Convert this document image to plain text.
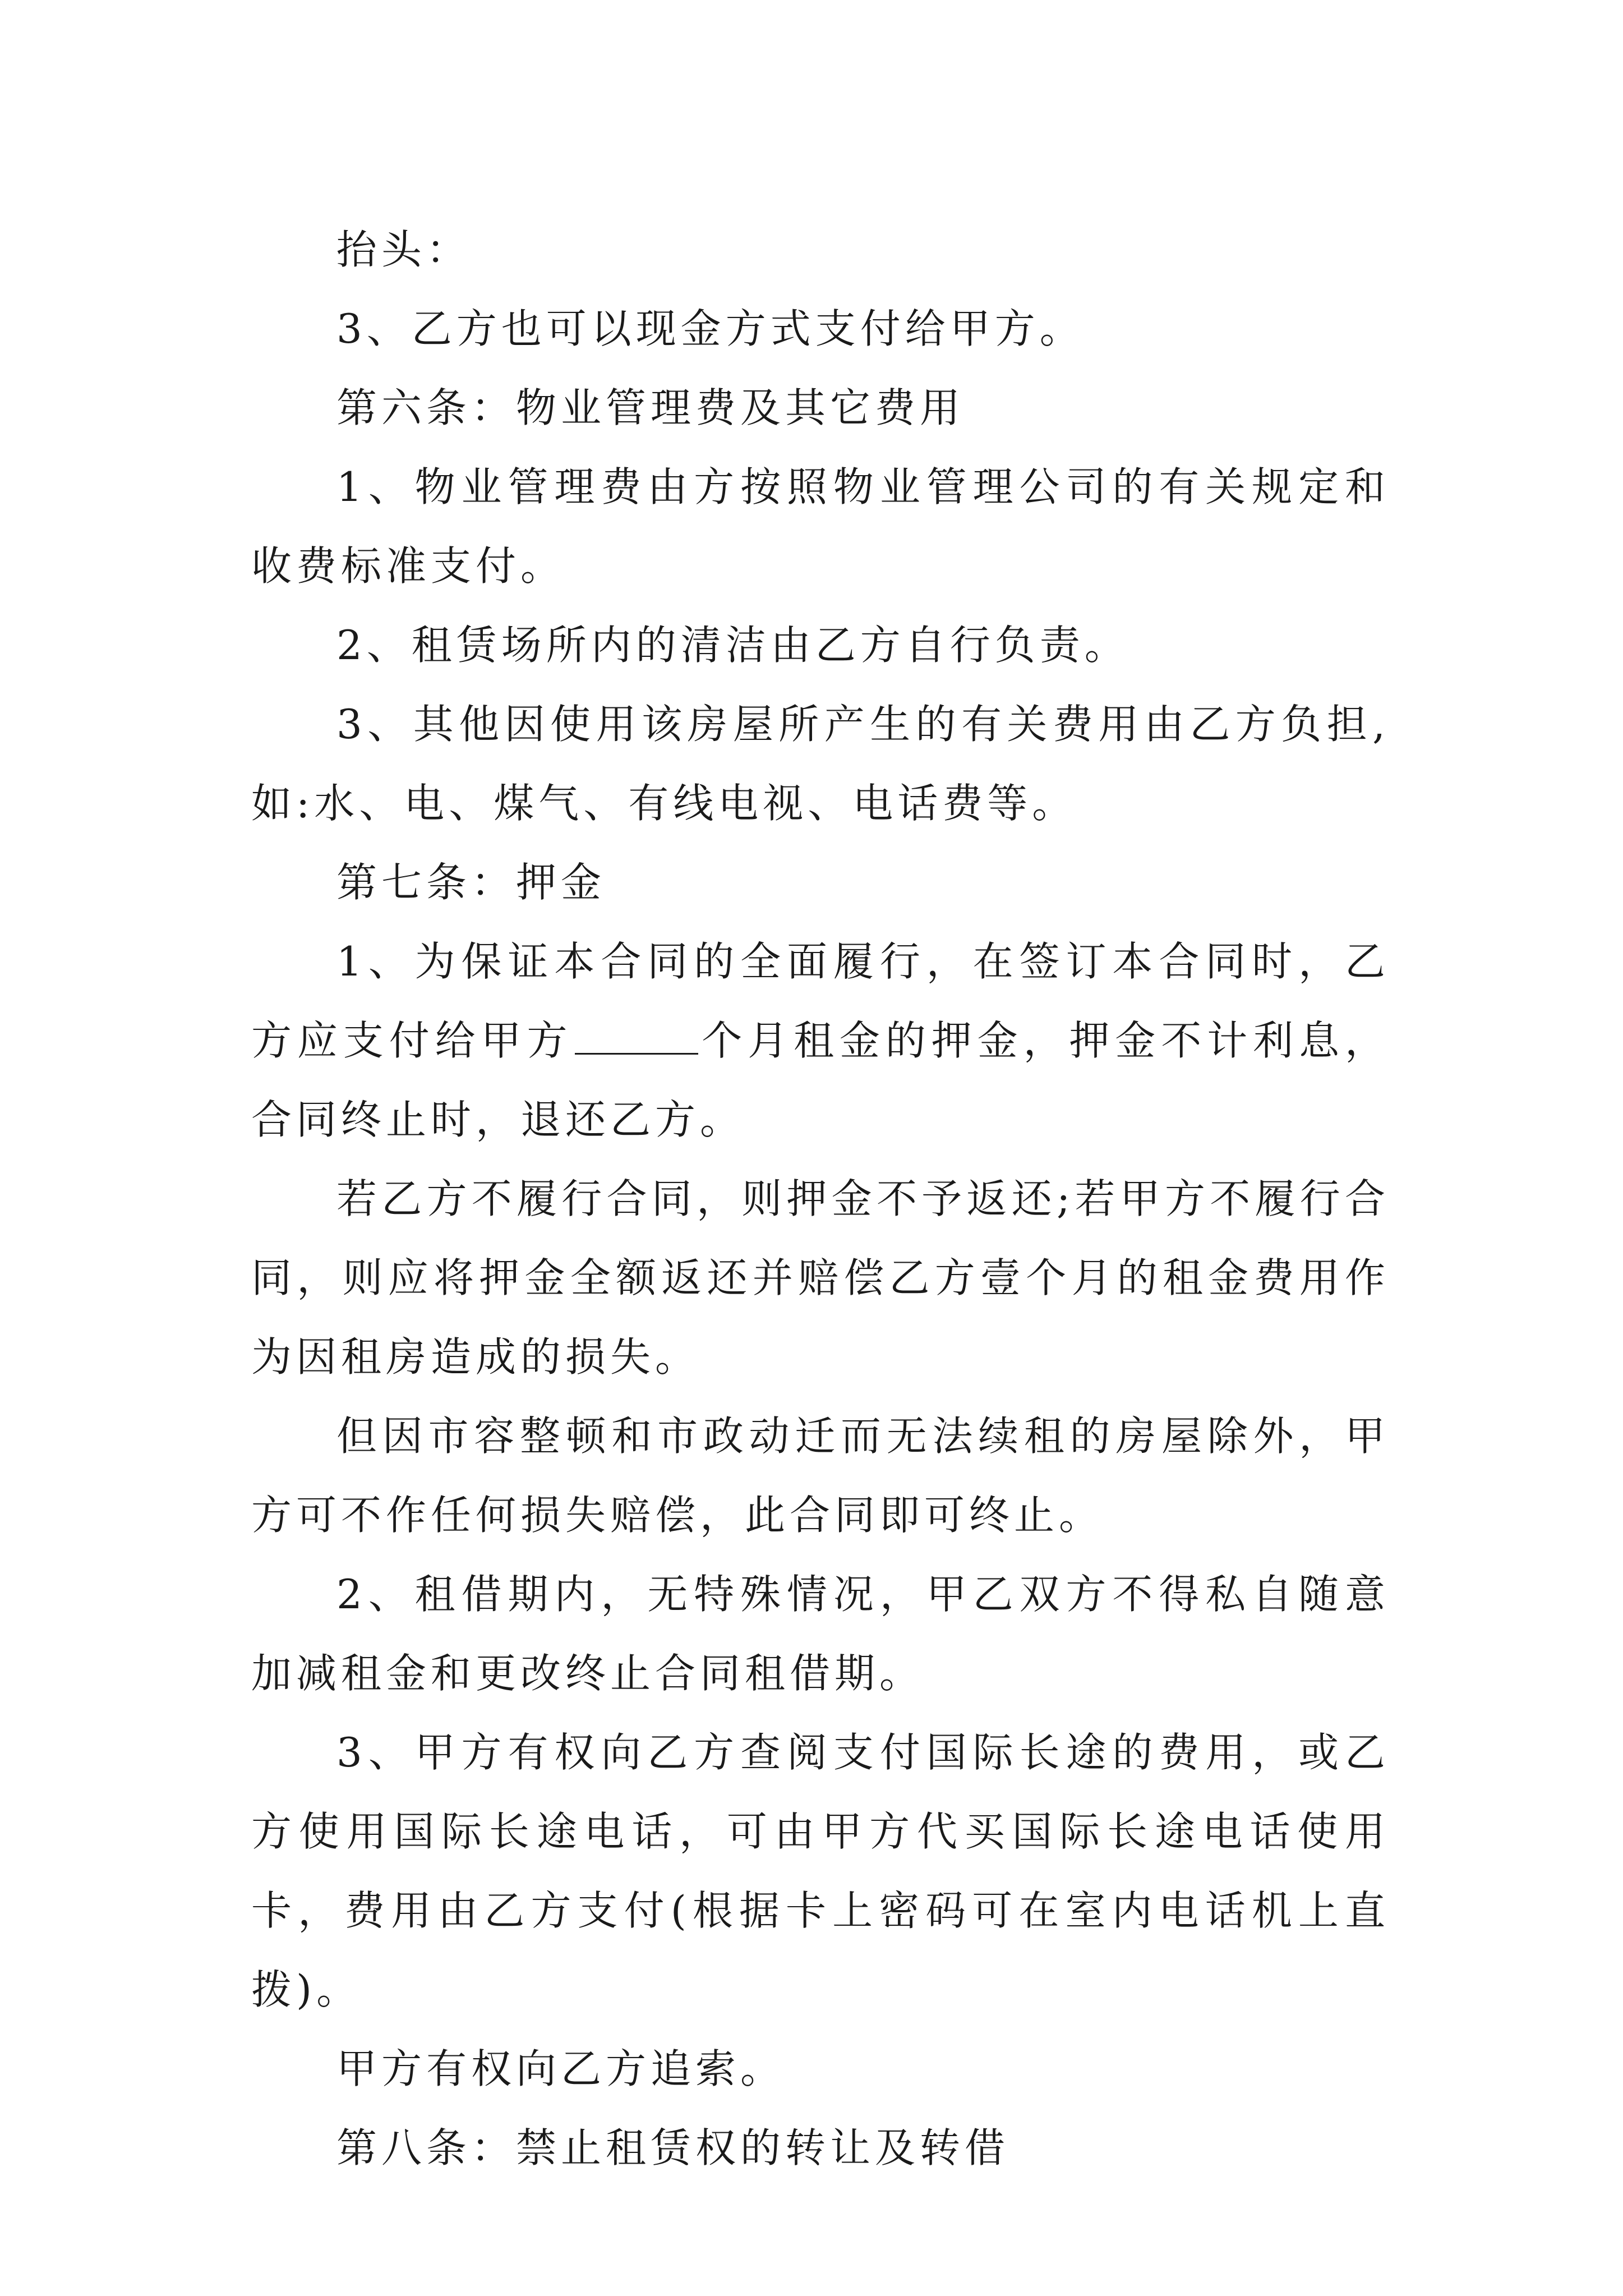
抬头：

3、乙方也可以现金方式支付给甲方。

第六条：物业管理费及其它费用

1、物业管理费由方按照物业管理公司的有关规定和收费标准支付。

2、租赁场所内的清洁由乙方自行负责。

3、其他因使用该房屋所产生的有关费用由乙方负担,如:水、电、煤气、有线电视、电话费等。

第七条：押金

1、为保证本合同的全面履行，在签订本合同时，乙方应支付给甲方	个月租金的押金，押金不计利息，合同终止时，退还乙方。

若乙方不履行合同，则押金不予返还;若甲方不履行合同，则应将押金全额返还并赔偿乙方壹个月的租金费用作为因租房造成的损失。

但因市容整顿和市政动迁而无法续租的房屋除外，甲方可不作任何损失赔偿，此合同即可终止。

2、租借期内，无特殊情况，甲乙双方不得私自随意加减租金和更改终止合同租借期。

3、甲方有权向乙方查阅支付国际长途的费用，或乙方使用国际长途电话，可由甲方代买国际长途电话使用卡，费用由乙方支付(根据卡上密码可在室内电话机上直拨)。

甲方有权向乙方追索。

第八条：禁止租赁权的转让及转借
